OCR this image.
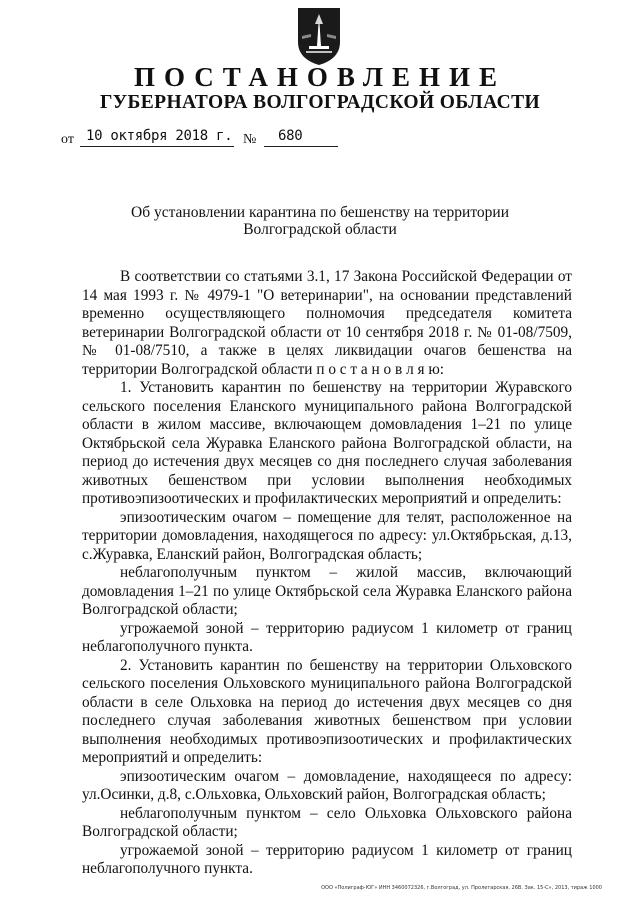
ПОСТАНОВЛЕНИЕ
ГУБЕРНАТОРА ВОЛГОГРАДСКОЙ ОБЛАСТИ
от 10 октября 2018 г. №	680
Об установлении карантина по бешенству на территории
Волгоградской области

В соответствии со статьями 3.1, 17 Закона Российской Федерации от 14 мая 1993 г. № 4979-1 "О ветеринарии", на основании представлений временно осуществляющего полномочия председателя комитета ветеринарии Волгоградской области от 10 сентября 2018 г. № 01-08/7509, № 01-08/7510, а также в целях ликвидации очагов бешенства на территории Волгоградской области п о с т а н о в л я ю:

1. Установить карантин по бешенству на территории Журавского сельского поселения Еланского муниципального района Волгоградской области в жилом массиве, включающем домовладения 1–21 по улице Октябрьской села Журавка Еланского района Волгоградской области, на период до истечения двух месяцев со дня последнего случая заболевания животных бешенством при условии выполнения необходимых противоэпизоотических и профилактических мероприятий и определить:

эпизоотическим очагом – помещение для телят, расположенное на территории домовладения, находящегося по адресу: ул.Октябрьская, д.13, с.Журавка, Еланский район, Волгоградская область;

неблагополучным пунктом – жилой массив, включающий домовладения 1–21 по улице Октябрьской села Журавка Еланского района Волгоградской области;

угрожаемой зоной – территорию радиусом 1 километр от границ неблагополучного пункта.

2. Установить карантин по бешенству на территории Ольховского сельского поселения Ольховского муниципального района Волгоградской области в селе Ольховка на период до истечения двух месяцев со дня последнего случая заболевания животных бешенством при условии выполнения необходимых противоэпизоотических и профилактических мероприятий и определить:

эпизоотическим очагом – домовладение, находящееся по адресу: ул.Осинки, д.8, с.Ольховка, Ольховский район, Волгоградская область;

неблагополучным пунктом – село Ольховка Ольховского района Волгоградской области;

угрожаемой зоной – территорию радиусом 1 километр от границ неблагополучного пункта.

ООО «Полиграф-ЮГ» ИНН 3460072326, г.Волгоград, ул. Пролетарская, 26В. Зак. 15-С», 2013, тираж 1000
